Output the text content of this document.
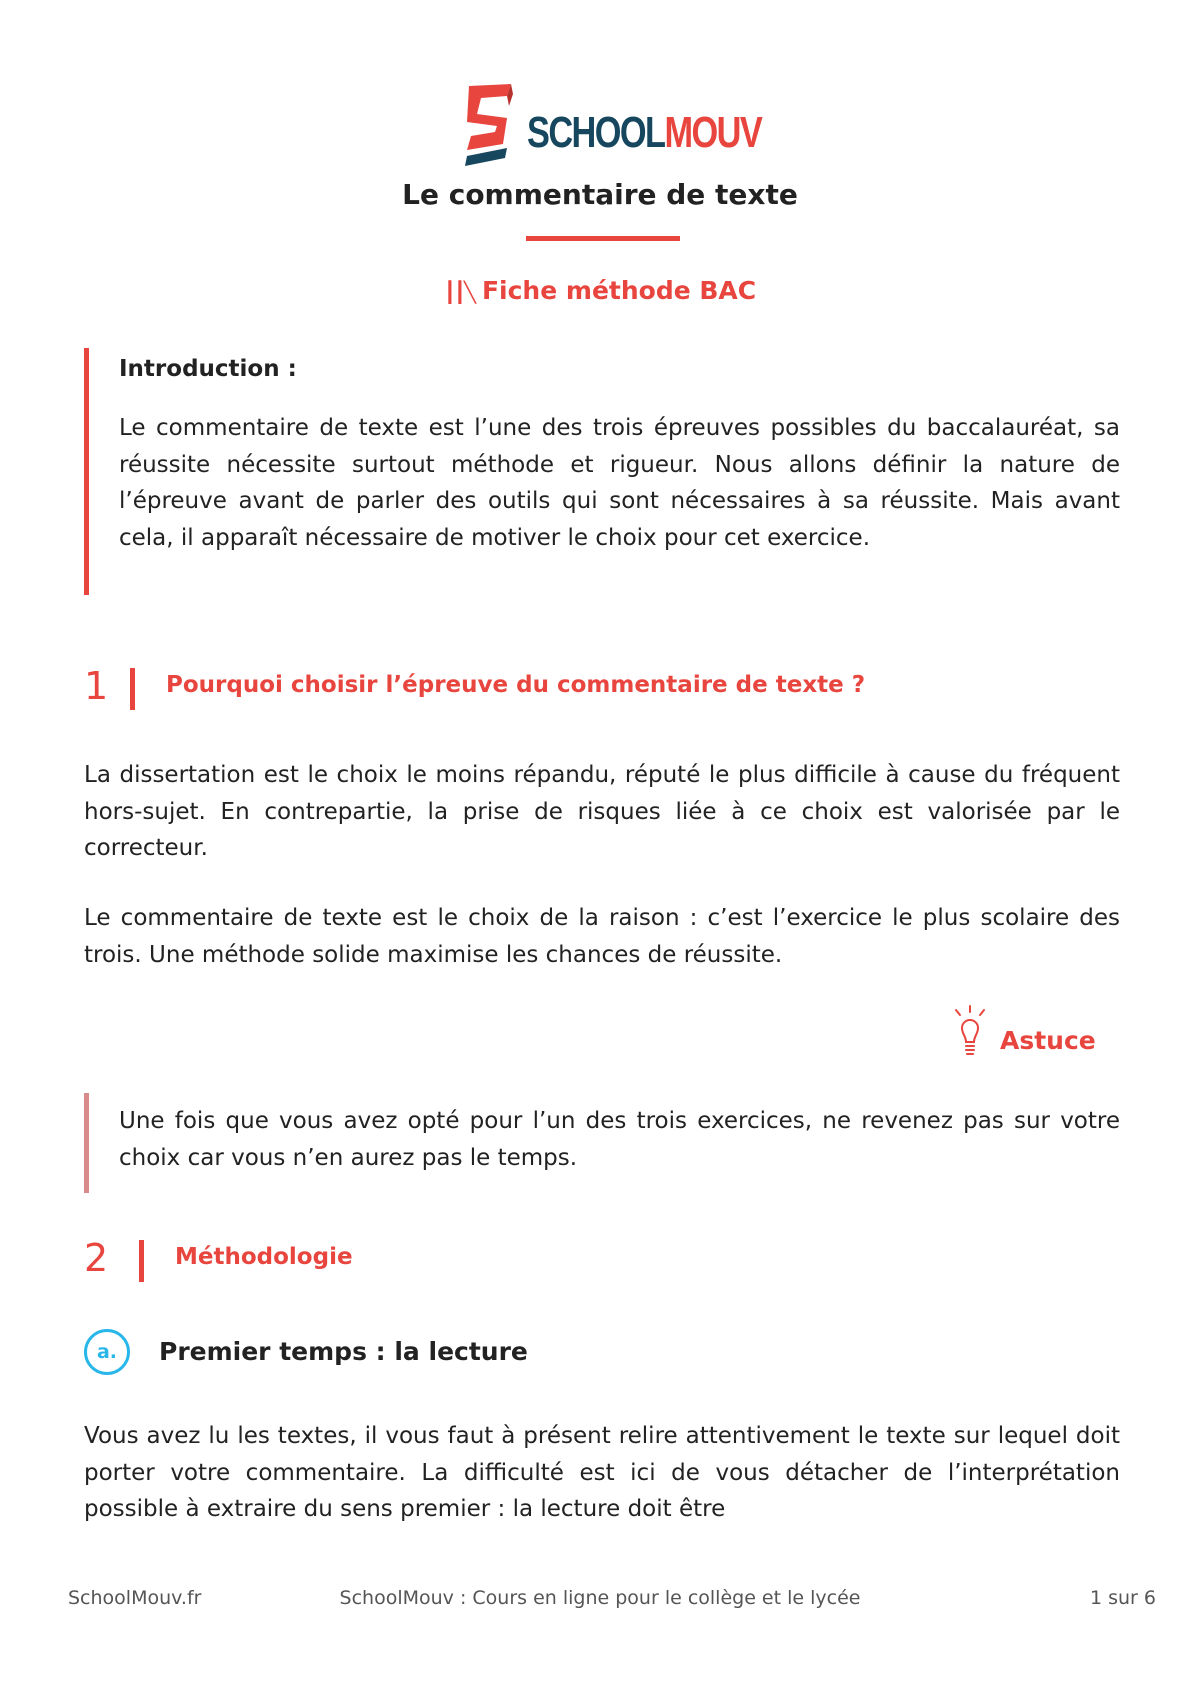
SCHOOLMOUV
Le commentaire de texte
┃┃╲ Fiche méthode BAC
Introduction :

Le commentaire de texte est l’une des trois épreuves possibles du baccalauréat, sa réussite nécessite surtout méthode et rigueur. Nous allons définir la nature de l’épreuve avant de parler des outils qui sont nécessaires à sa réussite. Mais avant cela, il apparaît nécessaire de motiver le choix pour cet exercice.

1	Pourquoi choisir l’épreuve du commentaire de texte ?

La dissertation est le choix le moins répandu, réputé le plus difficile à cause du fréquent hors-sujet. En contrepartie, la prise de risques liée à ce choix est valorisée par le correcteur.

Le commentaire de texte est le choix de la raison : c’est l’exercice le plus scolaire des trois. Une méthode solide maximise les chances de réussite.

Astuce

Une fois que vous avez opté pour l’un des trois exercices, ne revenez pas sur votre choix car vous n’en aurez pas le temps.

2	Méthodologie
a.	Premier temps : la lecture

Vous avez lu les textes, il vous faut à présent relire attentivement le texte sur lequel doit porter votre commentaire. La difficulté est ici de vous détacher de l’interprétation possible à extraire du sens premier : la lecture doit être

SchoolMouv.fr	SchoolMouv : Cours en ligne pour le collège et le lycée	1 sur 6
